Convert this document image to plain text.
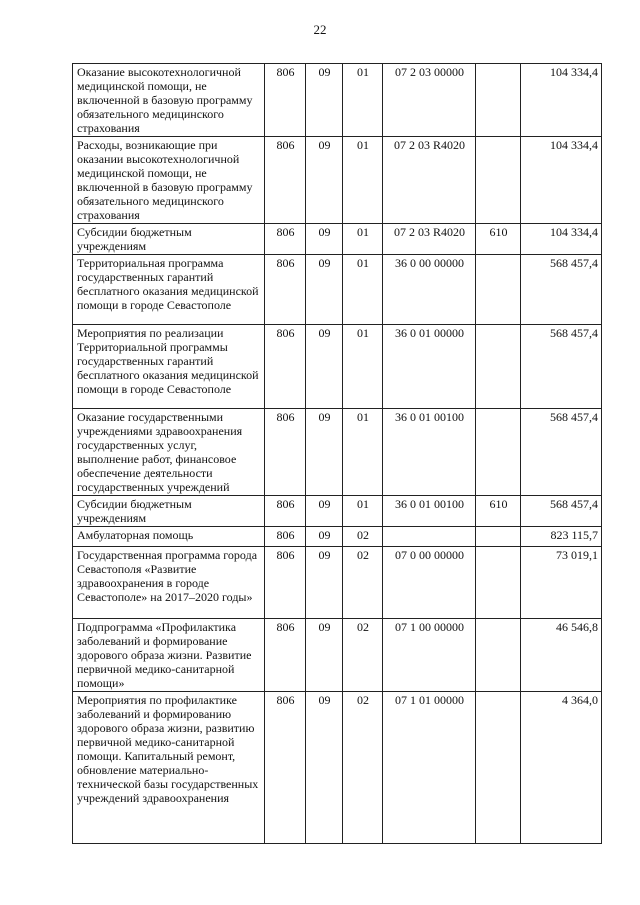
22
Оказание высокотехнологичной медицинской помощи, не включенной в базовую программу обязательного медицинского страхования	806	09	01	07 2 03 00000		104 334,4
Расходы, возникающие при оказании высокотехнологичной медицинской помощи, не включенной в базовую программу обязательного медицинского страхования	806	09	01	07 2 03 R4020		104 334,4
Субсидии бюджетным учреждениям	806	09	01	07 2 03 R4020	610	104 334,4
Территориальная программа государственных гарантий бесплатного оказания медицинской помощи в городе Севастополе	806	09	01	36 0 00 00000		568 457,4
Мероприятия по реализации Территориальной программы государственных гарантий бесплатного оказания медицинской помощи в городе Севастополе	806	09	01	36 0 01 00000		568 457,4
Оказание государственными учреждениями здравоохранения государственных услуг, выполнение работ, финансовое обеспечение деятельности государственных учреждений	806	09	01	36 0 01 00100		568 457,4
Субсидии бюджетным учреждениям	806	09	01	36 0 01 00100	610	568 457,4
Амбулаторная помощь	806	09	02			823 115,7
Государственная программа города Севастополя «Развитие здравоохранения в городе Севастополе» на 2017–2020 годы»	806	09	02	07 0 00 00000		73 019,1
Подпрограмма «Профилактика заболеваний и формирование здорового образа жизни. Развитие первичной медико-санитарной помощи»	806	09	02	07 1 00 00000		46 546,8
Мероприятия по профилактике заболеваний и формированию здорового образа жизни, развитию первичной медико-санитарной помощи. Капитальный ремонт, обновление материально-технической базы государственных учреждений здравоохранения	806	09	02	07 1 01 00000		4 364,0
